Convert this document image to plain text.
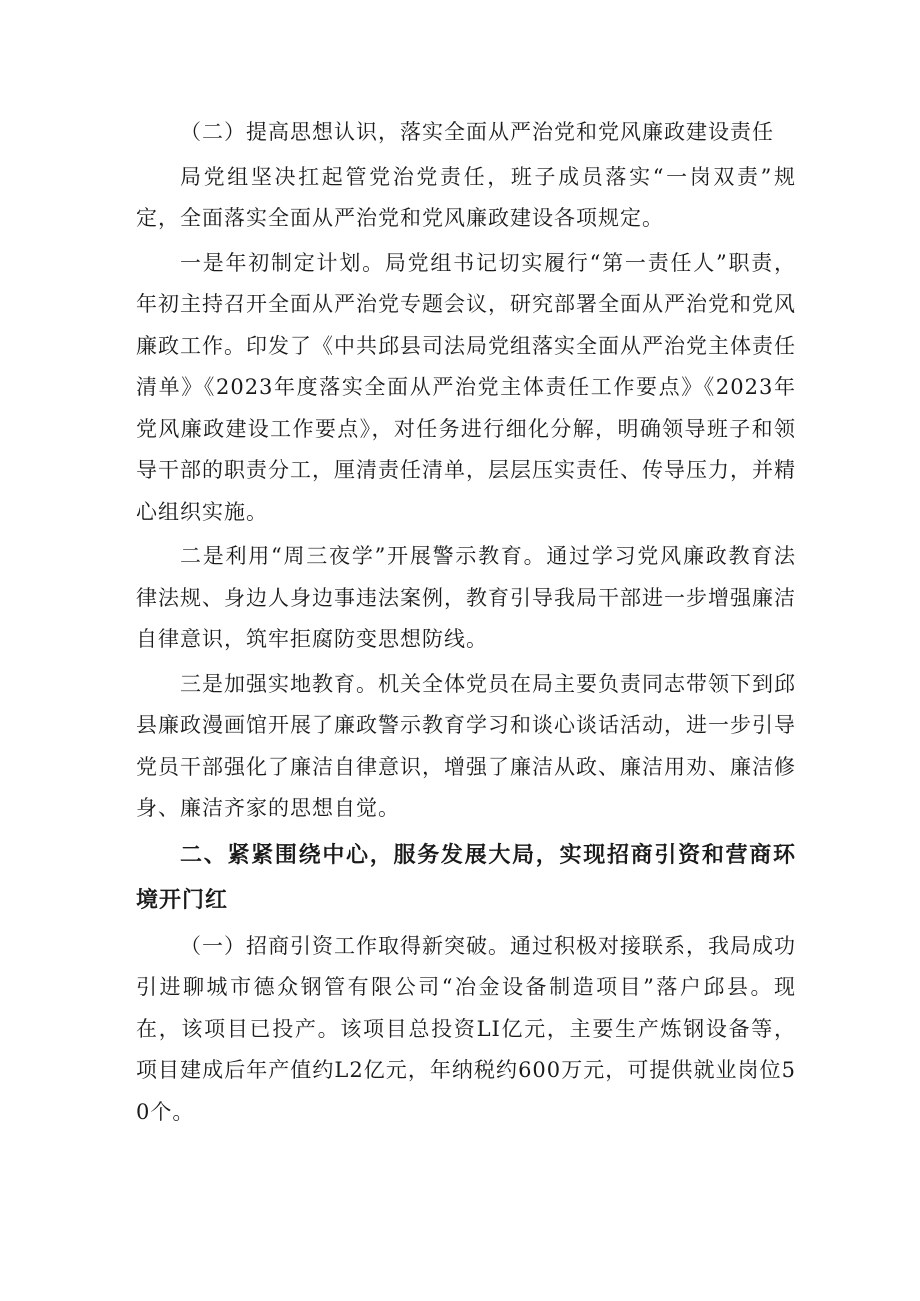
（二）提高思想认识，落实全面从严治党和党风廉政建设责任

局党组坚决扛起管党治党责任，班子成员落实“一岗双责”规定，全面落实全面从严治党和党风廉政建设各项规定。

一是年初制定计划。局党组书记切实履行“第一责任人”职责，年初主持召开全面从严治党专题会议，研究部署全面从严治党和党风廉政工作。印发了《中共邱县司法局党组落实全面从严治党主体责任清单》《2023年度落实全面从严治党主体责任工作要点》《2023年党风廉政建设工作要点》，对任务进行细化分解，明确领导班子和领导干部的职责分工，厘清责任清单，层层压实责任、传导压力，并精心组织实施。

二是利用“周三夜学”开展警示教育。通过学习党风廉政教育法律法规、身边人身边事违法案例，教育引导我局干部进一步增强廉洁自律意识，筑牢拒腐防变思想防线。

三是加强实地教育。机关全体党员在局主要负责同志带领下到邱县廉政漫画馆开展了廉政警示教育学习和谈心谈话活动，进一步引导党员干部强化了廉洁自律意识，增强了廉洁从政、廉洁用劝、廉洁修身、廉洁齐家的思想自觉。

二、紧紧围绕中心，服务发展大局，实现招商引资和营商环境开门红

（一）招商引资工作取得新突破。通过积极对接联系，我局成功引进聊城市德众钢管有限公司“冶金设备制造项目”落户邱县。现在，该项目已投产。该项目总投资LI亿元，主要生产炼钢设备等，项目建成后年产值约L2亿元，年纳税约600万元，可提供就业岗位50个。
